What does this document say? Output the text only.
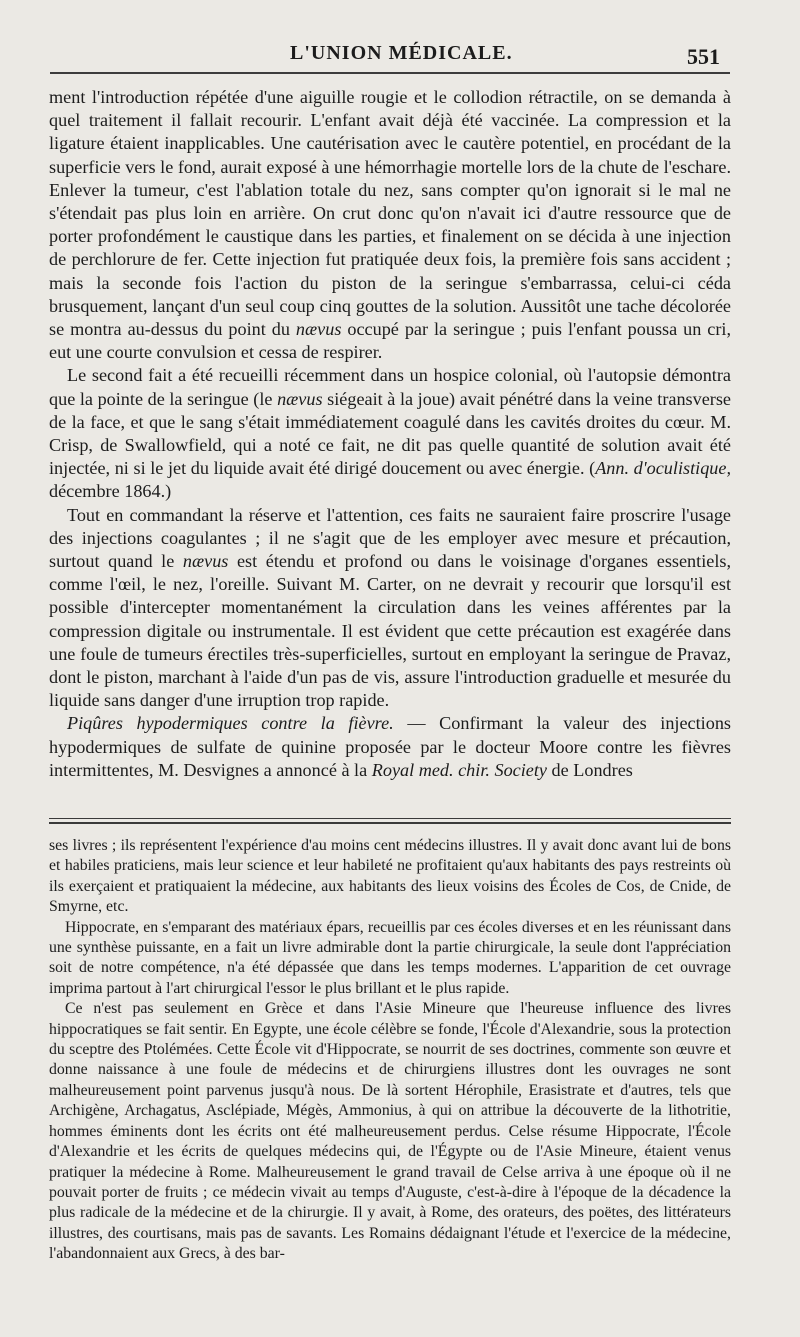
L'UNION MÉDICALE.	551

ment l'introduction répétée d'une aiguille rougie et le collodion rétractile, on se demanda à quel traitement il fallait recourir. L'enfant avait déjà été vaccinée. La compression et la ligature étaient inapplicables. Une cautérisation avec le cautère potentiel, en procédant de la superficie vers le fond, aurait exposé à une hémorrhagie mortelle lors de la chute de l'eschare. Enlever la tumeur, c'est l'ablation totale du nez, sans compter qu'on ignorait si le mal ne s'étendait pas plus loin en arrière. On crut donc qu'on n'avait ici d'autre ressource que de porter profondément le caustique dans les parties, et finalement on se décida à une injection de perchlorure de fer. Cette injection fut pratiquée deux fois, la première fois sans accident ; mais la seconde fois l'action du piston de la seringue s'embarrassa, celui-ci céda brusquement, lançant d'un seul coup cinq gouttes de la solution. Aussitôt une tache décolorée se montra au-dessus du point du nævus occupé par la seringue ; puis l'enfant poussa un cri, eut une courte convulsion et cessa de respirer.

Le second fait a été recueilli récemment dans un hospice colonial, où l'autopsie démontra que la pointe de la seringue (le nævus siégeait à la joue) avait pénétré dans la veine transverse de la face, et que le sang s'était immédiatement coagulé dans les cavités droites du cœur. M. Crisp, de Swallowfield, qui a noté ce fait, ne dit pas quelle quantité de solution avait été injectée, ni si le jet du liquide avait été dirigé doucement ou avec énergie. (Ann. d'oculistique, décembre 1864.)

Tout en commandant la réserve et l'attention, ces faits ne sauraient faire proscrire l'usage des injections coagulantes ; il ne s'agit que de les employer avec mesure et précaution, surtout quand le nævus est étendu et profond ou dans le voisinage d'organes essentiels, comme l'œil, le nez, l'oreille. Suivant M. Carter, on ne devrait y recourir que lorsqu'il est possible d'intercepter momentanément la circulation dans les veines afférentes par la compression digitale ou instrumentale. Il est évident que cette précaution est exagérée dans une foule de tumeurs érectiles très-superficielles, surtout en employant la seringue de Pravaz, dont le piston, marchant à l'aide d'un pas de vis, assure l'introduction graduelle et mesurée du liquide sans danger d'une irruption trop rapide.

Piqûres hypodermiques contre la fièvre. — Confirmant la valeur des injections hypodermiques de sulfate de quinine proposée par le docteur Moore contre les fièvres intermittentes, M. Desvignes a annoncé à la Royal med. chir. Society de Londres

ses livres ; ils représentent l'expérience d'au moins cent médecins illustres. Il y avait donc avant lui de bons et habiles praticiens, mais leur science et leur habileté ne profitaient qu'aux habitants des pays restreints où ils exerçaient et pratiquaient la médecine, aux habitants des lieux voisins des Écoles de Cos, de Cnide, de Smyrne, etc.

Hippocrate, en s'emparant des matériaux épars, recueillis par ces écoles diverses et en les réunissant dans une synthèse puissante, en a fait un livre admirable dont la partie chirurgicale, la seule dont l'appréciation soit de notre compétence, n'a été dépassée que dans les temps modernes. L'apparition de cet ouvrage imprima partout à l'art chirurgical l'essor le plus brillant et le plus rapide.

Ce n'est pas seulement en Grèce et dans l'Asie Mineure que l'heureuse influence des livres hippocratiques se fait sentir. En Egypte, une école célèbre se fonde, l'École d'Alexandrie, sous la protection du sceptre des Ptolémées. Cette École vit d'Hippocrate, se nourrit de ses doctrines, commente son œuvre et donne naissance à une foule de médecins et de chirurgiens illustres dont les ouvrages ne sont malheureusement point parvenus jusqu'à nous. De là sortent Hérophile, Erasistrate et d'autres, tels que Archigène, Archagatus, Asclépiade, Mégès, Ammonius, à qui on attribue la découverte de la lithotritie, hommes éminents dont les écrits ont été malheureusement perdus. Celse résume Hippocrate, l'École d'Alexandrie et les écrits de quelques médecins qui, de l'Égypte ou de l'Asie Mineure, étaient venus pratiquer la médecine à Rome. Malheureusement le grand travail de Celse arriva à une époque où il ne pouvait porter de fruits ; ce médecin vivait au temps d'Auguste, c'est-à-dire à l'époque de la décadence la plus radicale de la médecine et de la chirurgie. Il y avait, à Rome, des orateurs, des poëtes, des littérateurs illustres, des courtisans, mais pas de savants. Les Romains dédaignant l'étude et l'exercice de la médecine, l'abandonnaient aux Grecs, à des bar-
